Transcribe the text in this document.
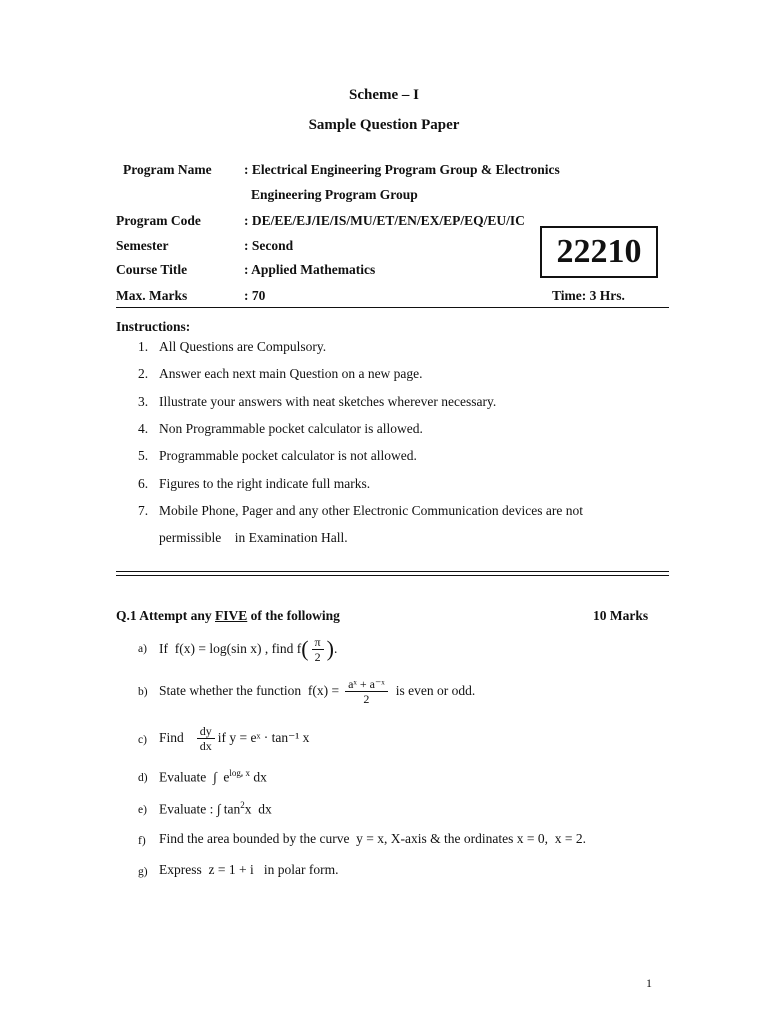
Scheme – I
Sample Question Paper
Program Name : Electrical Engineering Program Group & Electronics
Engineering Program Group
Program Code	: DE/EE/EJ/IE/IS/MU/ET/EN/EX/EP/EQ/EU/IC
Semester	: Second
Course Title	: Applied Mathematics
Max. Marks	: 70	Time: 3 Hrs.
22210
Instructions:
1. All Questions are Compulsory.
2. Answer each next main Question on a new page.
3. Illustrate your answers with neat sketches wherever necessary.
4. Non Programmable pocket calculator is allowed.
5. Programmable pocket calculator is not allowed.
6. Figures to the right indicate full marks.
7. Mobile Phone, Pager and any other Electronic Communication devices are not
permissible    in Examination Hall.
Q.1 Attempt any FIVE of the following	10 Marks
a) If  f(x) = log(sin x) , find f ( $\frac{\pi}{2}$ ) .
b) State whether the function  $f(x) = \frac{\text{aˣ + a⁻ˣ}}{2}$ is even or odd.
c) Find $\frac{dy}{dx}$ if y = eˣ · tan⁻¹ x
d) Evaluate  ∫  $e^{log_e x}$ dx
e) Evaluate : ∫ $\tan^2x$  dx
f) Find the area bounded by the curve  y = x, X-axis & the ordinates x = 0,  x = 2.
g) Express  z = 1 + i   in polar form.
1
